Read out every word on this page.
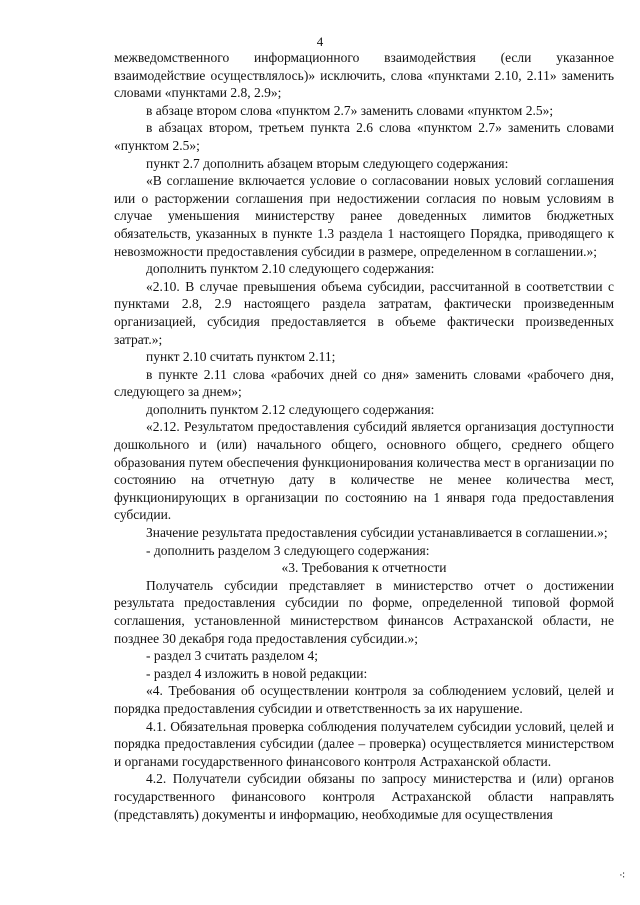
4

межведомственного информационного взаимодействия (если указанное взаимодействие осуществлялось)» исключить, слова «пунктами 2.10, 2.11» заменить словами «пунктами 2.8, 2.9»;

в абзаце втором слова «пунктом 2.7» заменить словами «пунктом 2.5»;

в абзацах втором, третьем пункта 2.6 слова «пунктом 2.7» заменить словами «пунктом 2.5»;

пункт 2.7 дополнить абзацем вторым следующего содержания:

«В соглашение включается условие о согласовании новых условий соглашения или о расторжении соглашения при недостижении согласия по новым условиям в случае уменьшения министерству ранее доведенных лимитов бюджетных обязательств, указанных в пункте 1.3 раздела 1 настоящего Порядка, приводящего к невозможности предоставления субсидии в размере, определенном в соглашении.»;

дополнить пунктом 2.10 следующего содержания:

«2.10. В случае превышения объема субсидии, рассчитанной в соответствии с пунктами 2.8, 2.9 настоящего раздела затратам, фактически произведенным организацией, субсидия предоставляется в объеме фактически произведенных затрат.»;

пункт 2.10 считать пунктом 2.11;

в пункте 2.11 слова «рабочих дней со дня» заменить словами «рабочего дня, следующего за днем»;

дополнить пунктом 2.12 следующего содержания:

«2.12. Результатом предоставления субсидий является организация доступности дошкольного и (или) начального общего, основного общего, среднего общего образования путем обеспечения функционирования количества мест в организации по состоянию на отчетную дату в количестве не менее количества мест, функционирующих в организации по состоянию на 1 января года предоставления субсидии.

Значение результата предоставления субсидии устанавливается в соглашении.»;

- дополнить разделом 3 следующего содержания:

«3. Требования к отчетности

Получатель субсидии представляет в министерство отчет о достижении результата предоставления субсидии по форме, определенной типовой формой соглашения, установленной министерством финансов Астраханской области, не позднее 30 декабря года предоставления субсидии.»;

- раздел 3 считать разделом 4;

- раздел 4 изложить в новой редакции:

«4. Требования об осуществлении контроля за соблюдением условий, целей и порядка предоставления субсидии и ответственность за их нарушение.

4.1. Обязательная проверка соблюдения получателем субсидии условий, целей и порядка предоставления субсидии (далее – проверка) осуществляется министерством и органами государственного финансового контроля Астраханской области.

4.2. Получатели субсидии обязаны по запросу министерства и (или) органов государственного финансового контроля Астраханской области направлять (представлять) документы и информацию, необходимые для осуществления

⁖
